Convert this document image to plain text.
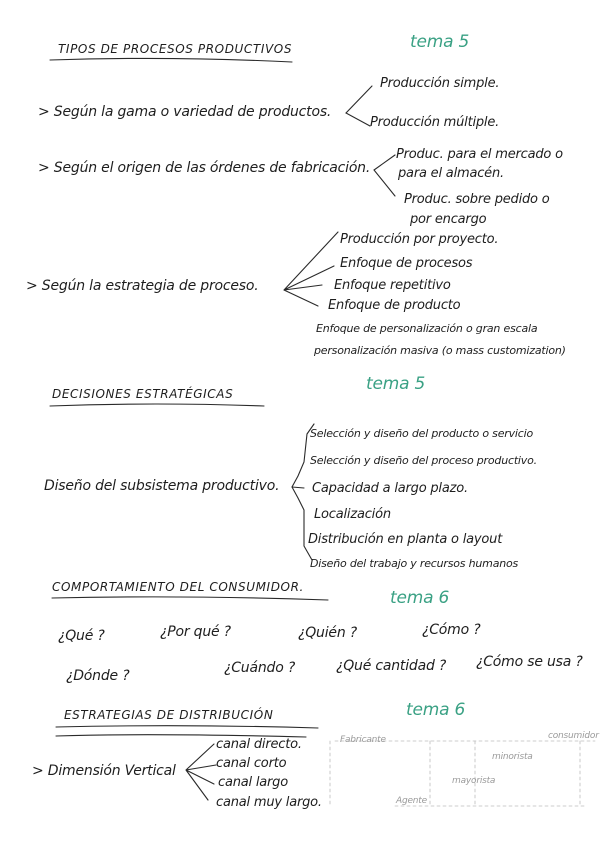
TIPOS DE PROCESOS PRODUCTIVOS	tema 5
> Según la gama o variedad de productos.
Producción simple.
Producción múltiple.
> Según el origen de las órdenes de fabricación.
Produc. para el mercado o
para el almacén.
Produc. sobre pedido o
por encargo
> Según la estrategia de proceso.
Producción por proyecto.
Enfoque de procesos
Enfoque repetitivo
Enfoque de producto
Enfoque de personalización o gran escala
personalización masiva (o mass customization)
DECISIONES ESTRATÉGICAS	tema 5
Diseño del subsistema productivo.
Selección y diseño del producto o servicio
Selección y diseño del proceso productivo.
Capacidad a largo plazo.
Localización
Distribución en planta o layout
Diseño del trabajo y recursos humanos
COMPORTAMIENTO DEL CONSUMIDOR.
tema 6
¿Qué ?	¿Por qué ?	¿Quién ?	¿Cómo ?
¿Dónde ?	¿Cuándo ?	¿Qué cantidad ? ¿Cómo se usa ?
ESTRATEGIAS DE DISTRIBUCIÓN	tema 6
> Dimensión Vertical
canal directo.
canal corto
canal largo
canal muy largo.
Fabricante	consumidor
minorista
mayorista
Agente
